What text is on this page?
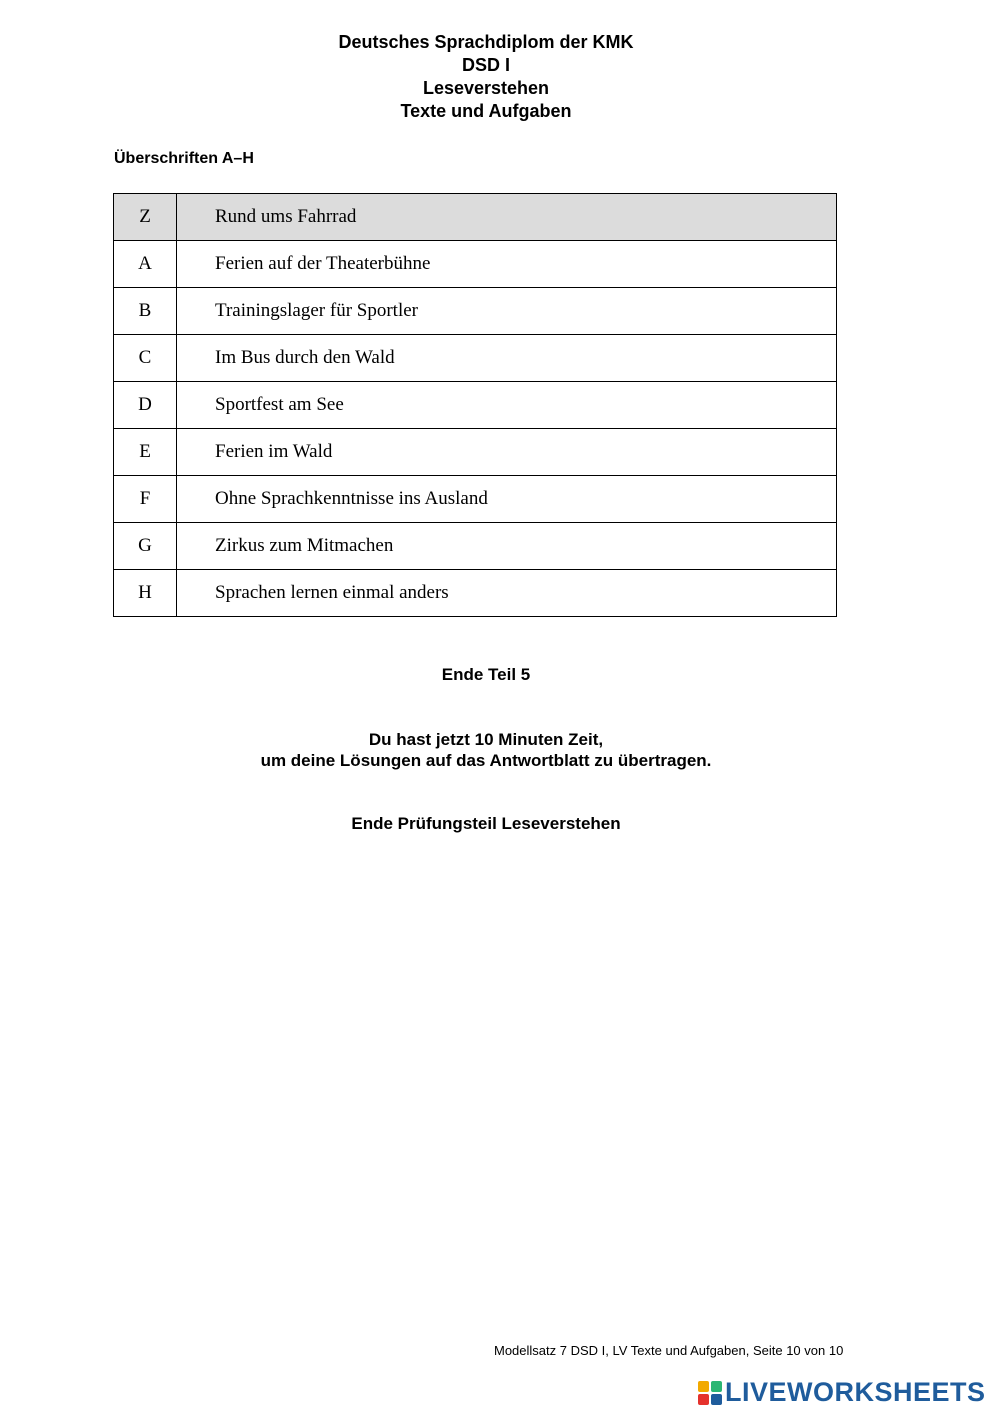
Deutsches Sprachdiplom der KMK
DSD I
Leseverstehen
Texte und Aufgaben
Überschriften A–H
Z	Rund ums Fahrrad
A	Ferien auf der Theaterbühne
B	Trainingslager für Sportler
C	Im Bus durch den Wald
D	Sportfest am See
E	Ferien im Wald
F	Ohne Sprachkenntnisse ins Ausland
G	Zirkus zum Mitmachen
H	Sprachen lernen einmal anders
Ende Teil 5
Du hast jetzt 10 Minuten Zeit,
um deine Lösungen auf das Antwortblatt zu übertragen.
Ende Prüfungsteil Leseverstehen
Modellsatz 7 DSD I, LV Texte und Aufgaben, Seite 10 von 10
LIVEWORKSHEETS
